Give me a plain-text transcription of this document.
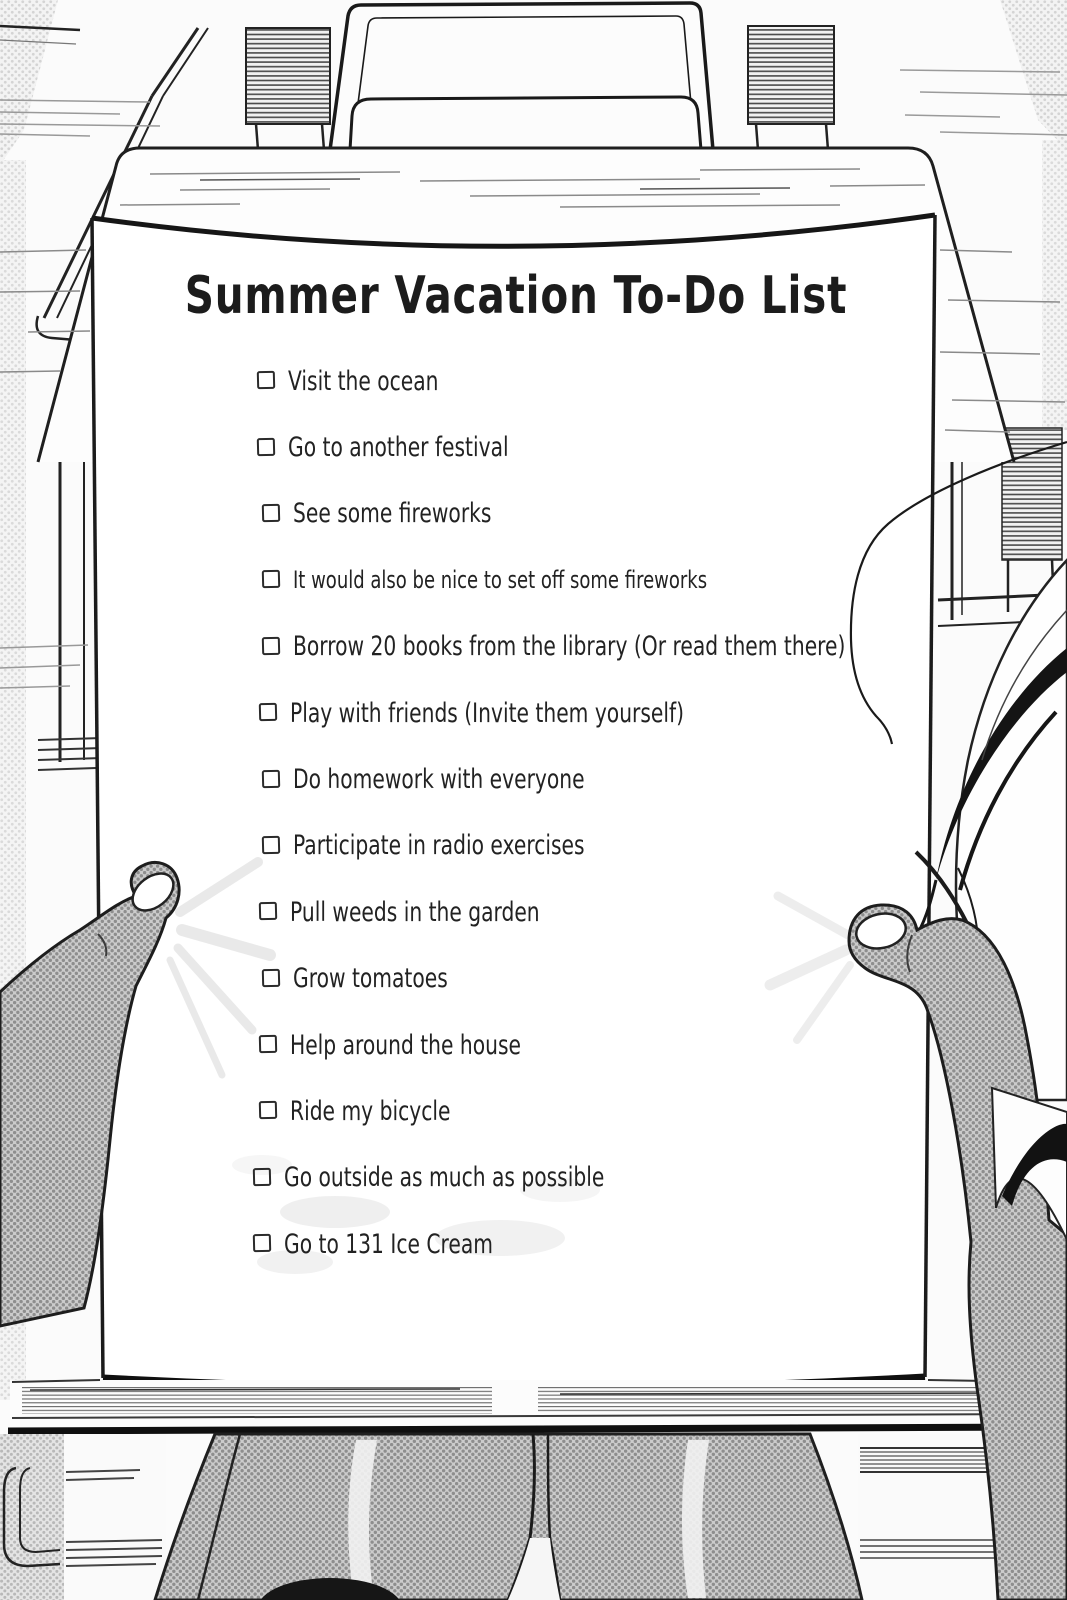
Summer Vacation To-Do List
Visit the ocean
Go to another festival
See some fireworks
It would also be nice to set off some fireworks
Borrow 20 books from the library (Or read them there)
Play with friends (Invite them yourself)
Do homework with everyone
Participate in radio exercises
Pull weeds in the garden
Grow tomatoes
Help around the house
Ride my bicycle
Go outside as much as possible
Go to 131 Ice Cream
